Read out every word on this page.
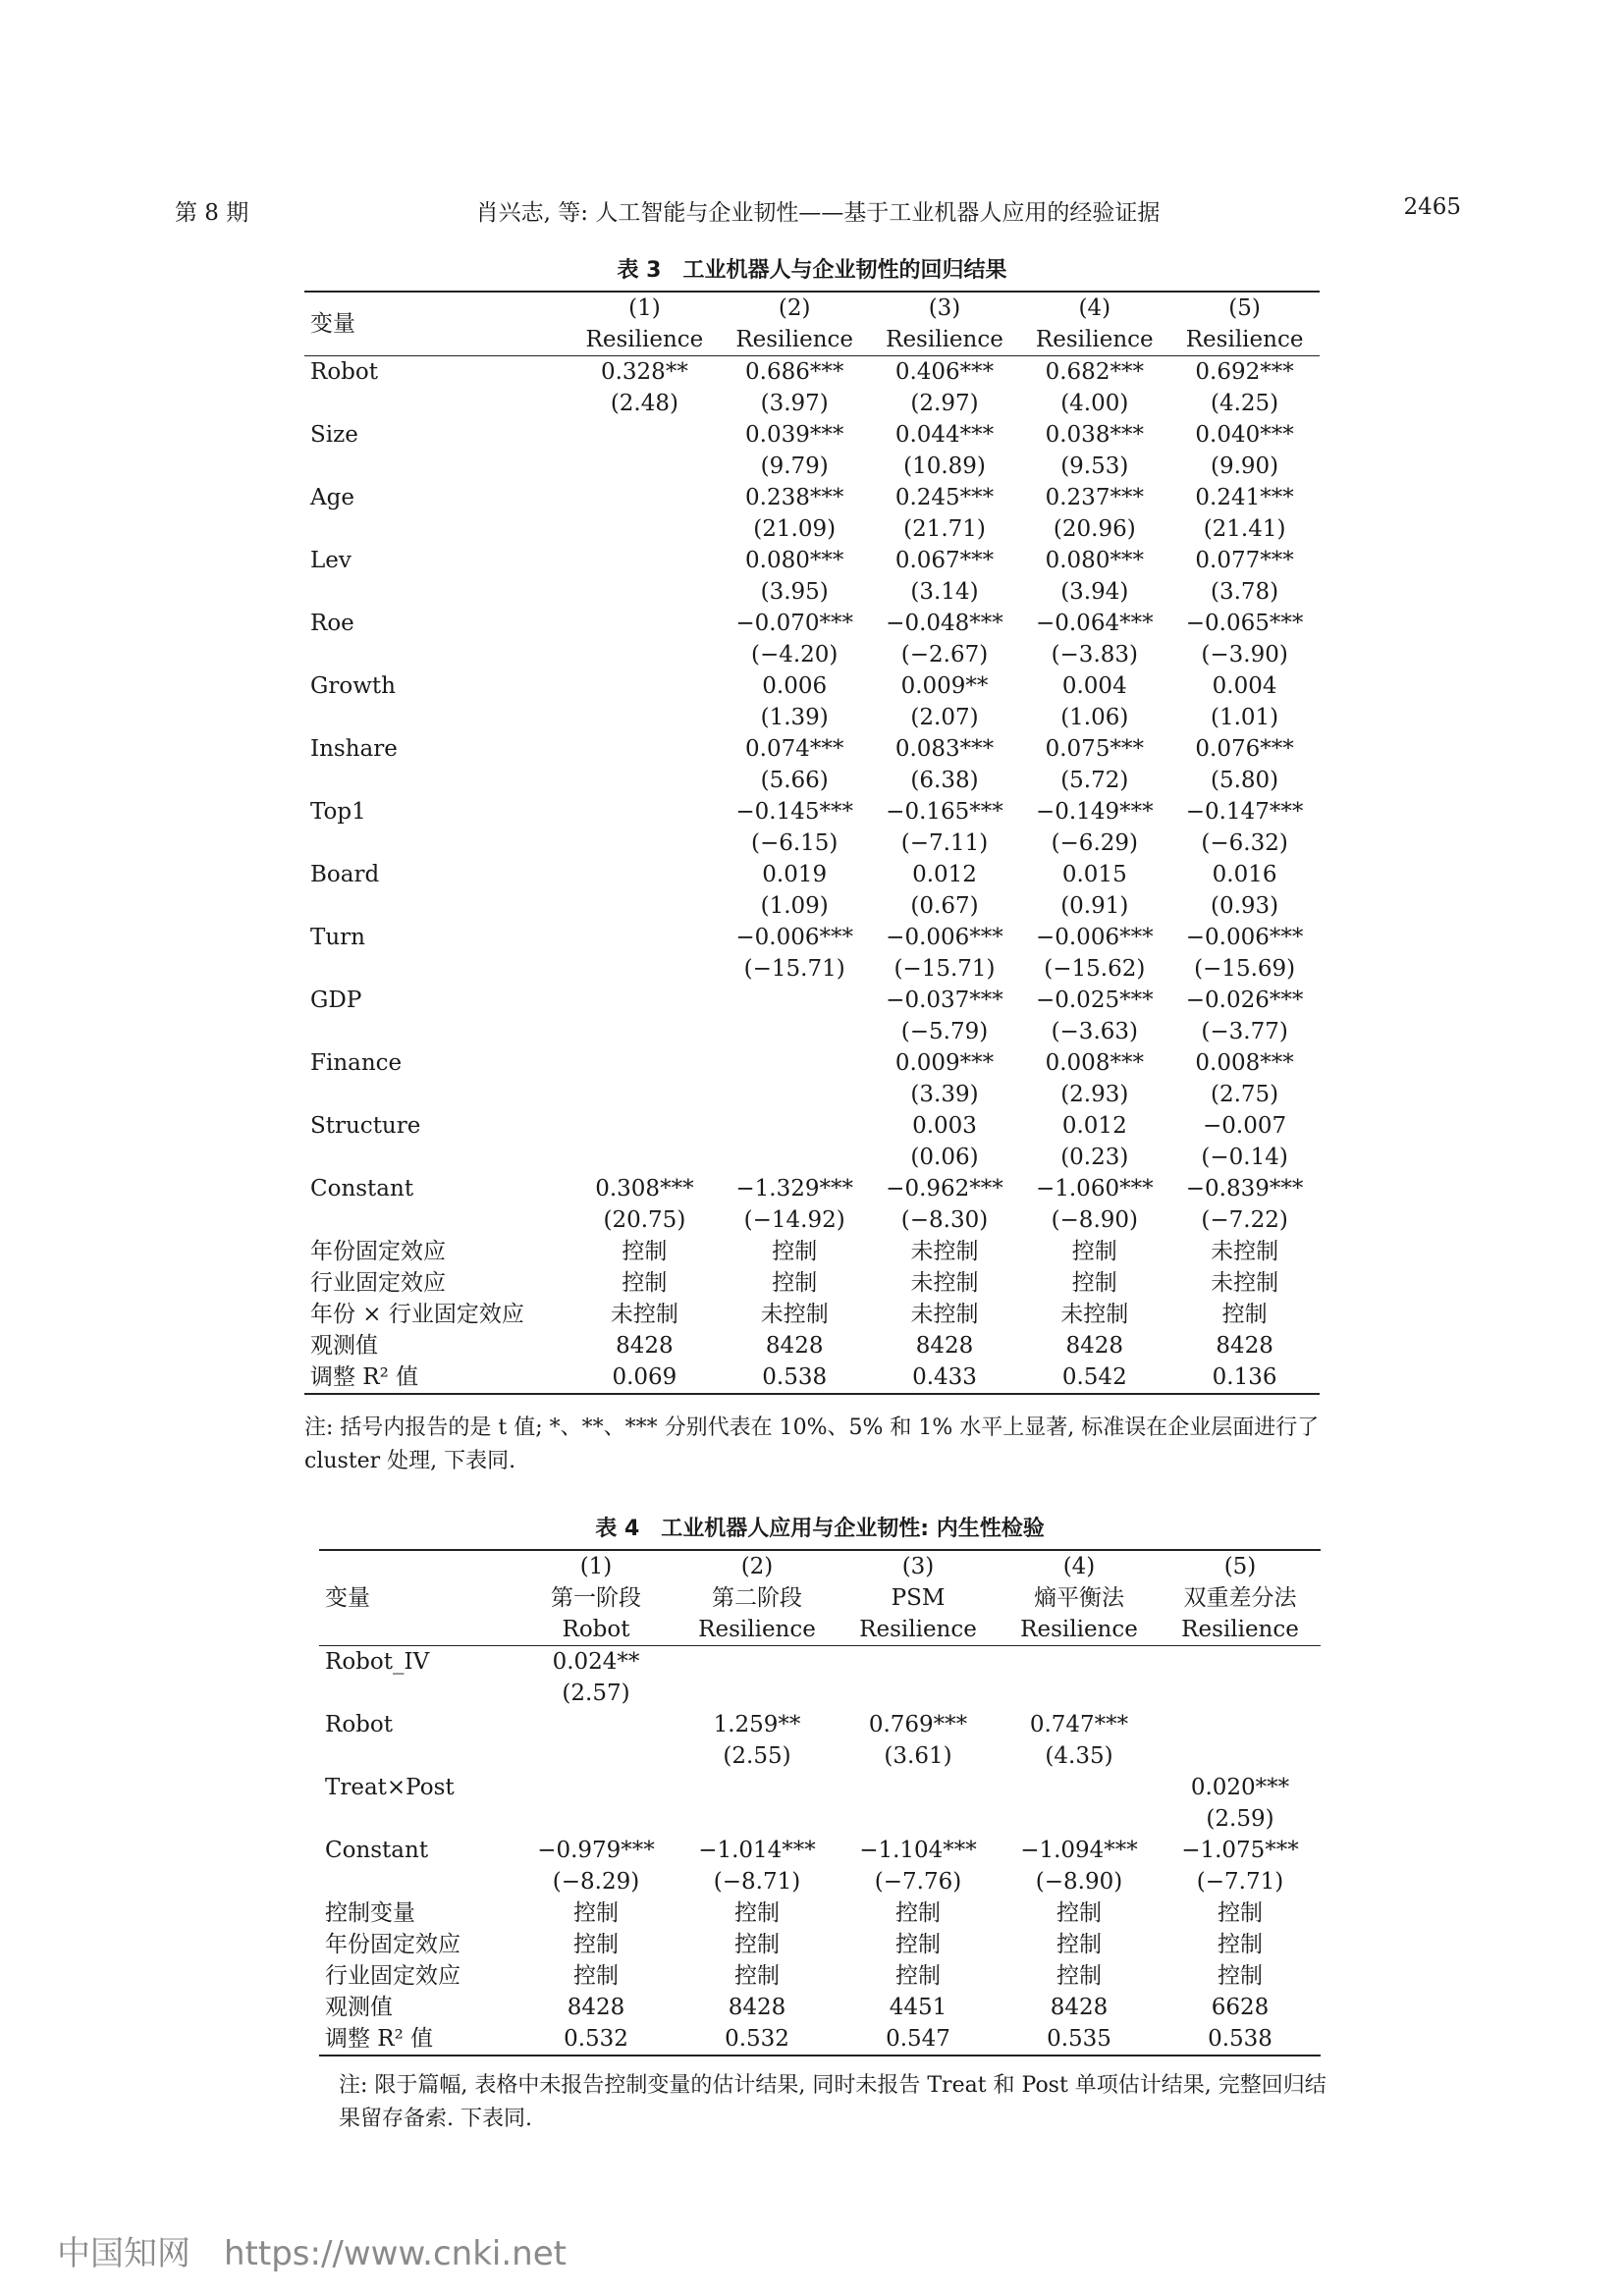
第 8 期	肖兴志, 等: 人工智能与企业韧性——基于工业机器人应用的经验证据	2465
表 3　工业机器人与企业韧性的回归结果
变量	(1)	(2)	(3)	(4)	(5)
	Resilience	Resilience	Resilience	Resilience	Resilience
Robot	0.328**	0.686***	0.406***	0.682***	0.692***
	(2.48)	(3.97)	(2.97)	(4.00)	(4.25)
Size		0.039***	0.044***	0.038***	0.040***
		(9.79)	(10.89)	(9.53)	(9.90)
Age		0.238***	0.245***	0.237***	0.241***
		(21.09)	(21.71)	(20.96)	(21.41)
Lev		0.080***	0.067***	0.080***	0.077***
		(3.95)	(3.14)	(3.94)	(3.78)
Roe		−0.070***	−0.048***	−0.064***	−0.065***
		(−4.20)	(−2.67)	(−3.83)	(−3.90)
Growth		0.006	0.009**	0.004	0.004
		(1.39)	(2.07)	(1.06)	(1.01)
Inshare		0.074***	0.083***	0.075***	0.076***
		(5.66)	(6.38)	(5.72)	(5.80)
Top1		−0.145***	−0.165***	−0.149***	−0.147***
		(−6.15)	(−7.11)	(−6.29)	(−6.32)
Board		0.019	0.012	0.015	0.016
		(1.09)	(0.67)	(0.91)	(0.93)
Turn		−0.006***	−0.006***	−0.006***	−0.006***
		(−15.71)	(−15.71)	(−15.62)	(−15.69)
GDP			−0.037***	−0.025***	−0.026***
			(−5.79)	(−3.63)	(−3.77)
Finance			0.009***	0.008***	0.008***
			(3.39)	(2.93)	(2.75)
Structure			0.003	0.012	−0.007
			(0.06)	(0.23)	(−0.14)
Constant	0.308***	−1.329***	−0.962***	−1.060***	−0.839***
	(20.75)	(−14.92)	(−8.30)	(−8.90)	(−7.22)
年份固定效应	控制	控制	未控制	控制	未控制
行业固定效应	控制	控制	未控制	控制	未控制
年份 × 行业固定效应	未控制	未控制	未控制	未控制	控制
观测值	8428	8428	8428	8428	8428
调整 R² 值	0.069	0.538	0.433	0.542	0.136
注: 括号内报告的是 t 值; *、**、*** 分别代表在 10%、5% 和 1% 水平上显著, 标准误在企业层面进行了 cluster 处理, 下表同.
表 4　工业机器人应用与企业韧性: 内生性检验
变量	(1)	(2)	(3)	(4)	(5)
	第一阶段	第二阶段	PSM	熵平衡法	双重差分法
	Robot	Resilience	Resilience	Resilience	Resilience
Robot_IV	0.024**				
	(2.57)				
Robot		1.259**	0.769***	0.747***	
		(2.55)	(3.61)	(4.35)	
Treat×Post					0.020***
					(2.59)
Constant	−0.979***	−1.014***	−1.104***	−1.094***	−1.075***
	(−8.29)	(−8.71)	(−7.76)	(−8.90)	(−7.71)
控制变量	控制	控制	控制	控制	控制
年份固定效应	控制	控制	控制	控制	控制
行业固定效应	控制	控制	控制	控制	控制
观测值	8428	8428	4451	8428	6628
调整 R² 值	0.532	0.532	0.547	0.535	0.538
注: 限于篇幅, 表格中未报告控制变量的估计结果, 同时未报告 Treat 和 Post 单项估计结果, 完整回归结果留存备索. 下表同.
中国知网 https://www.cnki.net
